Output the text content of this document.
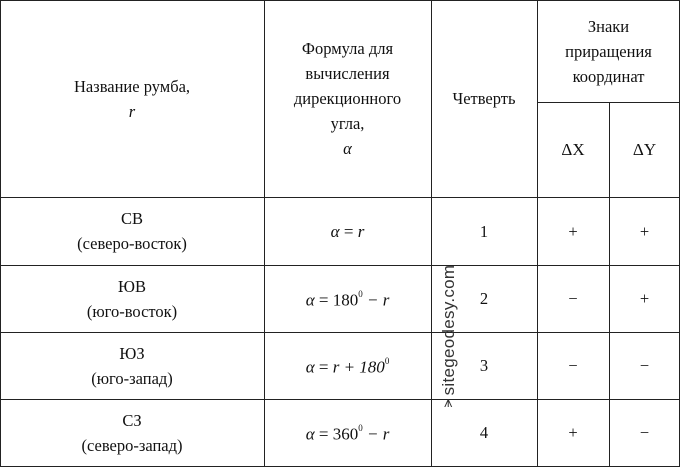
Название румба,
r
Формула для
вычисления
дирекционного
угла,
α
Четверть
Знаки
приращения
координат
ΔX	ΔY
СВ
(северо-восток)
α = r	1	+	+
ЮВ
(юго-восток)
$\alpha = 180^0 - r$	2	−	+
ЮЗ
(юго-запад)
$\alpha = r + 180^0$	3	−	−
СЗ
(северо-запад)
$\alpha = 360^0 - r$	4	+	−
sitegeodesy.com
⩚
